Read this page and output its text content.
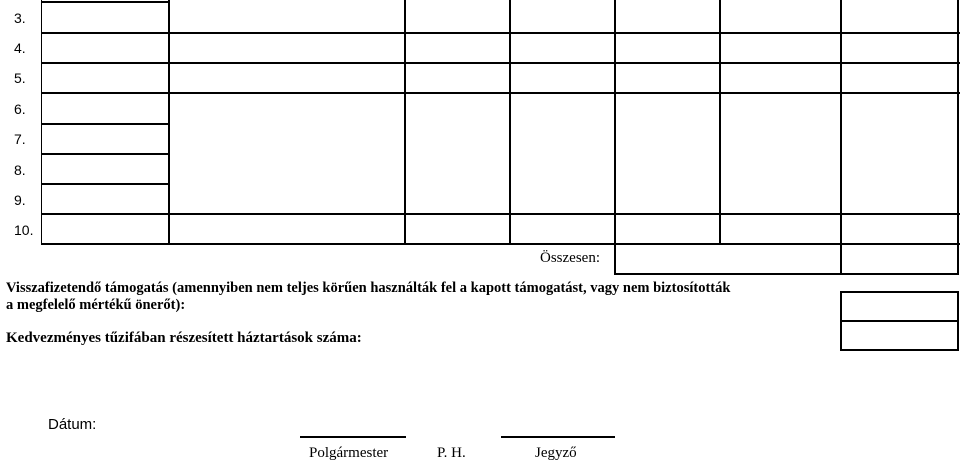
3.
4.
5.
6.
7.
8.
9.
10.
Összesen:
Visszafizetendő támogatás (amennyiben nem teljes körűen használták fel a kapott támogatást, vagy nem biztosították
a megfelelő mértékű önerőt):
Kedvezményes tűzifában részesített háztartások száma:
Dátum:
Polgármester	P. H.	Jegyző
